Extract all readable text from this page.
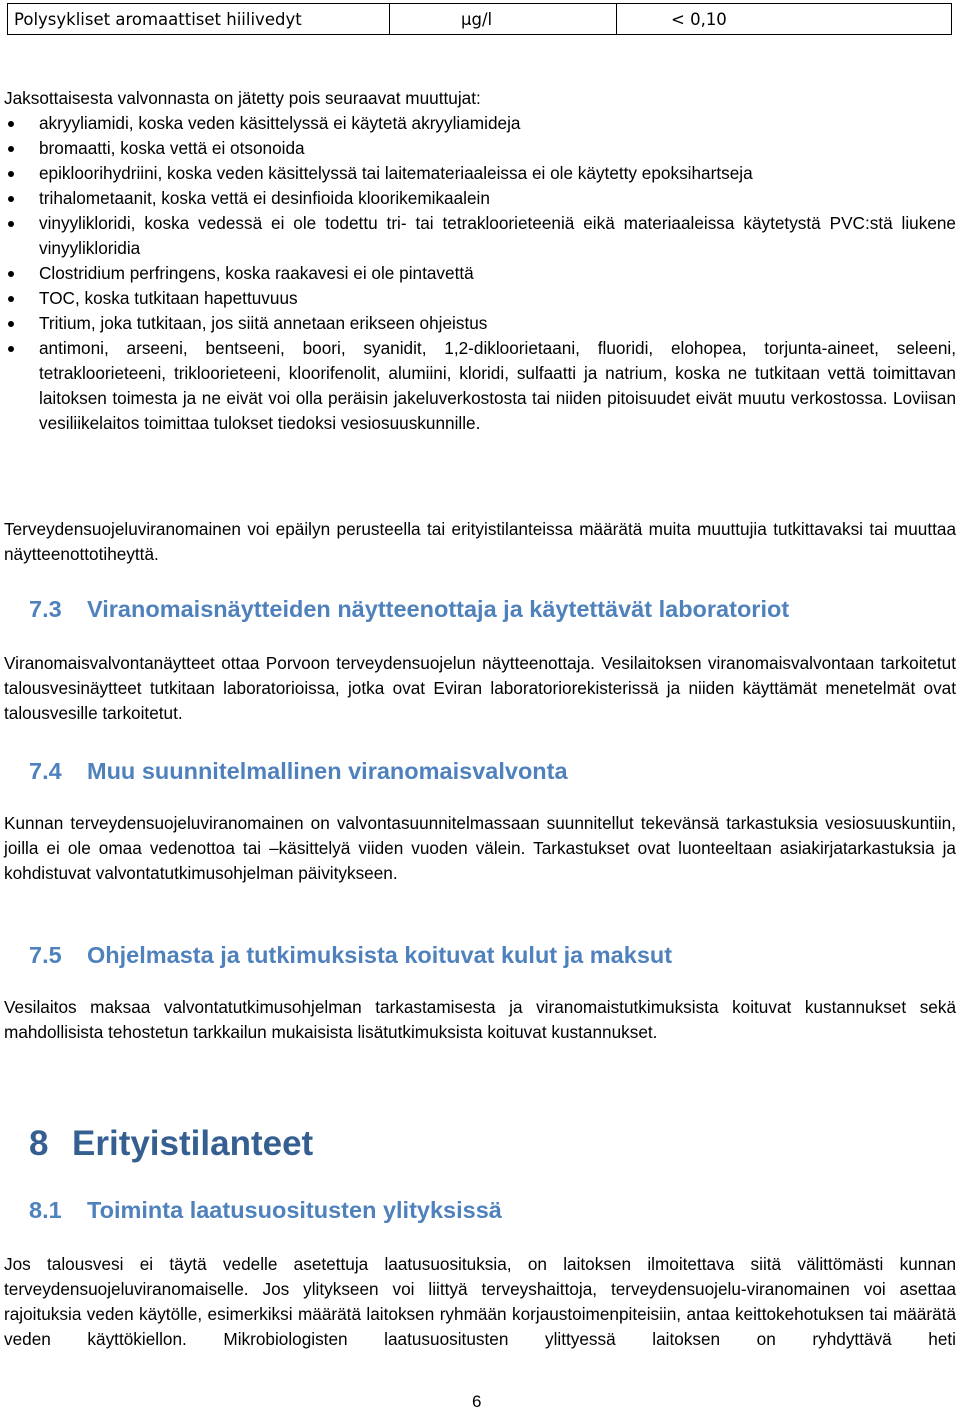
Polysykliset aromaattiset hiilivedyt	µg/l	< 0,10

Jaksottaisesta valvonnasta on jätetty pois seuraavat muuttujat:

akryyliamidi, koska veden käsittelyssä ei käytetä akryyliamideja

bromaatti, koska vettä ei otsonoida

epikloorihydriini, koska veden käsittelyssä tai laitemateriaaleissa ei ole käytetty epoksihartseja

trihalometaanit, koska vettä ei desinfioida kloorikemikaalein

vinyylikloridi, koska vedessä ei ole todettu tri- tai tetrakloorieteeniä eikä materiaaleissa käytetystä PVC:stä liukene vinyylikloridia

Clostridium perfringens, koska raakavesi ei ole pintavettä

TOC, koska tutkitaan hapettuvuus

Tritium, joka tutkitaan, jos siitä annetaan erikseen ohjeistus

antimoni, arseeni, bentseeni, boori, syanidit, 1,2-dikloorietaani, fluoridi, elohopea, torjunta-aineet, seleeni, tetrakloorieteeni, trikloorieteeni, kloorifenolit, alumiini, kloridi, sulfaatti ja natrium, koska ne tutkitaan vettä toimittavan laitoksen toimesta ja ne eivät voi olla peräisin jakeluverkostosta tai niiden pitoisuudet eivät muutu verkostossa. Loviisan vesiliikelaitos toimittaa tulokset tiedoksi vesiosuuskunnille.

Terveydensuojeluviranomainen voi epäilyn perusteella tai erityistilanteissa määrätä muita muuttujia tutkittavaksi tai muuttaa näytteenottotiheyttä.

7.3 Viranomaisnäytteiden näytteenottaja ja käytettävät laboratoriot

Viranomaisvalvontanäytteet ottaa Porvoon terveydensuojelun näytteenottaja. Vesilaitoksen viranomaisvalvontaan tarkoitetut talousvesinäytteet tutkitaan laboratorioissa, jotka ovat Eviran laboratoriorekisterissä ja niiden käyttämät menetelmät ovat talousvesille tarkoitetut.

7.4 Muu suunnitelmallinen viranomaisvalvonta

Kunnan terveydensuojeluviranomainen on valvontasuunnitelmassaan suunnitellut tekevänsä tarkastuksia vesiosuuskuntiin, joilla ei ole omaa vedenottoa tai –käsittelyä viiden vuoden välein. Tarkastukset ovat luonteeltaan asiakirjatarkastuksia ja kohdistuvat valvontatutkimusohjelman päivitykseen.

7.5 Ohjelmasta ja tutkimuksista koituvat kulut ja maksut

Vesilaitos maksaa valvontatutkimusohjelman tarkastamisesta ja viranomaistutkimuksista koituvat kustannukset sekä mahdollisista tehostetun tarkkailun mukaisista lisätutkimuksista koituvat kustannukset.

8 Erityistilanteet
8.1 Toiminta laatusuositusten ylityksissä

Jos talousvesi ei täytä vedelle asetettuja laatusuosituksia, on laitoksen ilmoitettava siitä välittömästi kunnan terveydensuojeluviranomaiselle. Jos ylitykseen voi liittyä terveyshaittoja, terveydensuojelu-viranomainen voi asettaa rajoituksia veden käytölle, esimerkiksi määrätä laitoksen ryhmään korjaustoimenpiteisiin, antaa keittokehotuksen tai määrätä veden käyttökiellon. Mikrobiologisten laatusuositusten ylittyessä laitoksen on ryhdyttävä heti

6
